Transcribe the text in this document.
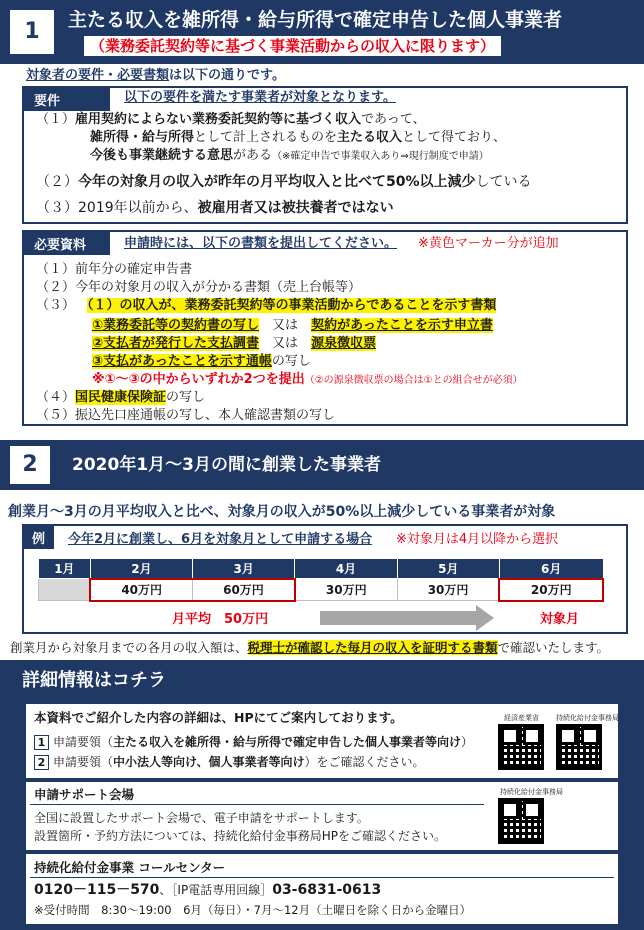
1	主たる収入を雑所得・給与所得で確定申告した個人事業者
（業務委託契約等に基づく事業活動からの収入に限ります）
対象者の要件・必要書類は以下の通りです。
要件	以下の要件を満たす事業者が対象となります。
（１）雇用契約によらない業務委託契約等に基づく収入であって、
雑所得・給与所得として計上されるものを主たる収入として得ており、
今後も事業継続する意思がある（※確定申告で事業収入あり⇒現行制度で申請）
（２）今年の対象月の収入が昨年の月平均収入と比べて50%以上減少している
（３）2019年以前から、被雇用者又は被扶養者ではない
必要資料	申請時には、以下の書類を提出してください。 ※黄色マーカー分が追加
（１）前年分の確定申告書
（２）今年の対象月の収入が分かる書類（売上台帳等）
（３） （１）の収入が、業務委託契約等の事業活動からであることを示す書類
①業務委託等の契約書の写し　 又は　 契約があったことを示す申立書
②支払者が発行した支払調書　 又は　 源泉徴収票
③支払があったことを示す通帳の写し
※①～③の中からいずれか2つを提出（②の源泉徴収票の場合は①との組合せが必須）
（４）国民健康保険証の写し
（５）振込先口座通帳の写し、本人確認書類の写し
2	2020年1月～3月の間に創業した事業者
創業月～3月の月平均収入と比べ、対象月の収入が50%以上減少している事業者が対象
例	今年2月に創業し、6月を対象月として申請する場合 ※対象月は4月以降から選択
1月	2月	3月	4月	5月	6月
	40万円	60万円	30万円	30万円	20万円
月平均　50万円	対象月
創業月から対象月までの各月の収入額は、税理士が確認した毎月の収入を証明する書類で確認いたします。
詳細情報はコチラ
本資料でご紹介した内容の詳細は、HPにてご案内しております。
1 申請要領（主たる収入を雑所得・給与所得で確定申告した個人事業者等向け）
2 申請要領（中小法人等向け、個人事業者等向け）をご確認ください。
経済産業省 持続化給付金事務局
申請サポート会場
全国に設置したサポート会場で、電子申請をサポートします。
設置箇所・予約方法については、持続化給付金事務局HPをご確認ください。
持続化給付金事務局
持続化給付金事業 コールセンター
0120－115－570、［IP電話専用回線］03-6831-0613
※受付時間　8:30～19:00　6月（毎日）・7月～12月（土曜日を除く日から金曜日）
